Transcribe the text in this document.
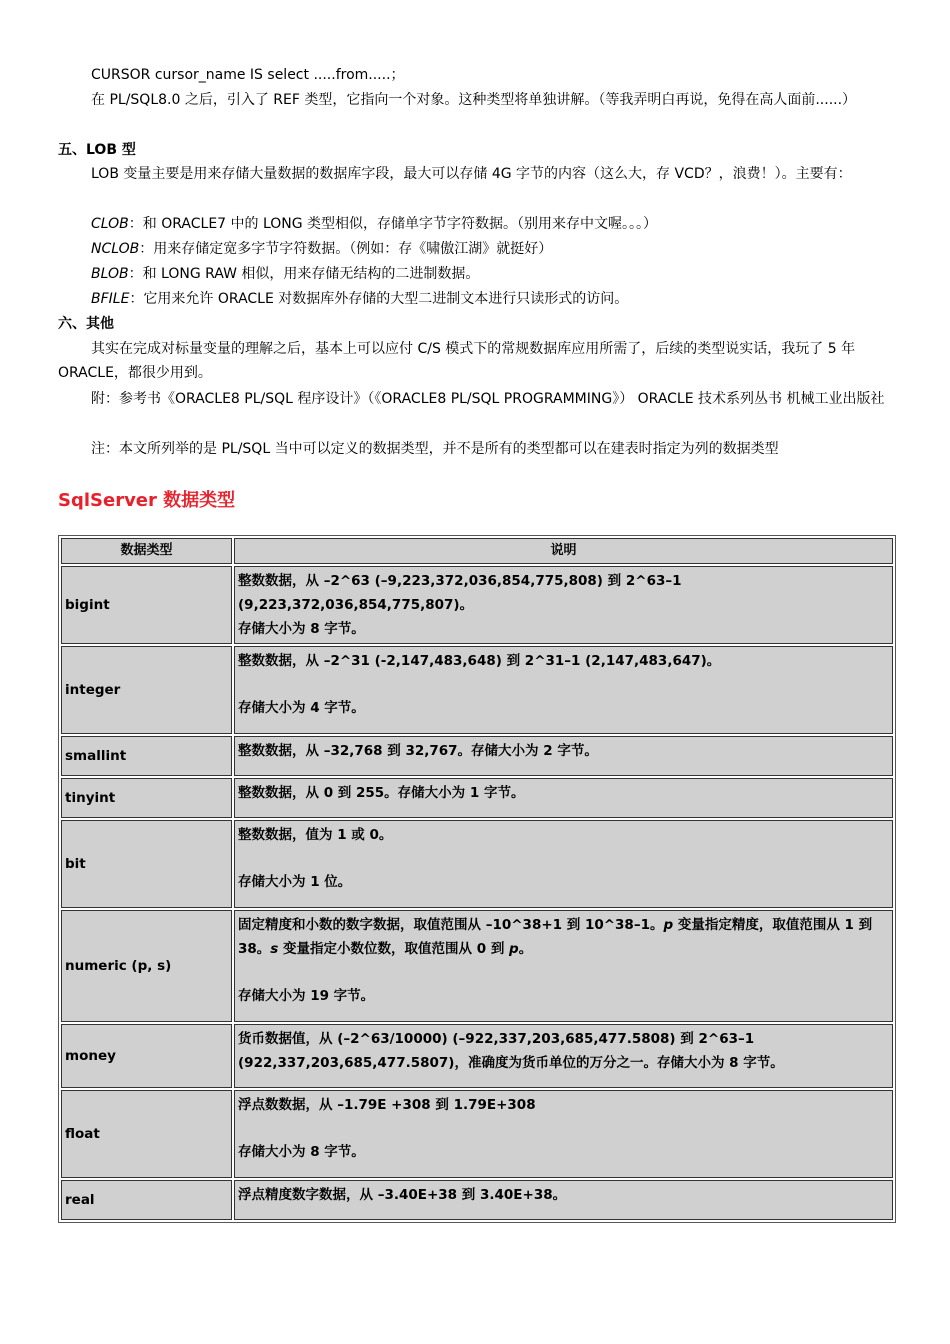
CURSOR cursor_name IS select .....from.....；
在 PL/SQL8.0 之后，引入了 REF 类型，它指向一个对象。这种类型将单独讲解。（等我弄明白再说，免得在高人面前......）
五、LOB 型
LOB 变量主要是用来存储大量数据的数据库字段，最大可以存储 4G 字节的内容（这么大，存 VCD？，浪费！）。主要有：
CLOB：和 ORACLE7 中的 LONG 类型相似，存储单字节字符数据。（别用来存中文喔。。。）
NCLOB：用来存储定宽多字节字符数据。（例如：存《啸傲江湖》就挺好）
BLOB：和 LONG RAW 相似，用来存储无结构的二进制数据。
BFILE：它用来允许 ORACLE 对数据库外存储的大型二进制文本进行只读形式的访问。
六、其他
其实在完成对标量变量的理解之后，基本上可以应付 C/S 模式下的常规数据库应用所需了，后续的类型说实话，我玩了 5 年 ORACLE，都很少用到。
附：参考书《ORACLE8 PL/SQL 程序设计》（《ORACLE8 PL/SQL PROGRAMMING》） ORACLE 技术系列丛书 机械工业出版社
注：本文所列举的是 PL/SQL 当中可以定义的数据类型，并不是所有的类型都可以在建表时指定为列的数据类型
SqlServer 数据类型
数据类型	说明
bigint	整数数据，从 –2^63 (–9,223,372,036,854,775,808) 到 2^63–1 (9,223,372,036,854,775,807)。
存储大小为 8 字节。

integer	整数数据，从 –2^31 (-2,147,483,648) 到 2^31–1 (2,147,483,647)。
存储大小为 4 字节。

smallint	整数数据，从 –32,768 到 32,767。存储大小为 2 字节。

tinyint	整数数据，从 0 到 255。存储大小为 1 字节。

bit	整数数据，值为 1 或 0。
存储大小为 1 位。

numeric (p, s)	固定精度和小数的数字数据，取值范围从 –10^38+1 到 10^38–1。p 变量指定精度，取值范围从 1 到 38。s 变量指定小数位数，取值范围从 0 到 p。
存储大小为 19 字节。

money	货币数据值，从 (–2^63/10000) (–922,337,203,685,477.5808) 到 2^63–1 (922,337,203,685,477.5807)，准确度为货币单位的万分之一。存储大小为 8 字节。

float	浮点数数据，从 –1.79E +308 到 1.79E+308
存储大小为 8 字节。

real	浮点精度数字数据，从 –3.40E+38 到 3.40E+38。
